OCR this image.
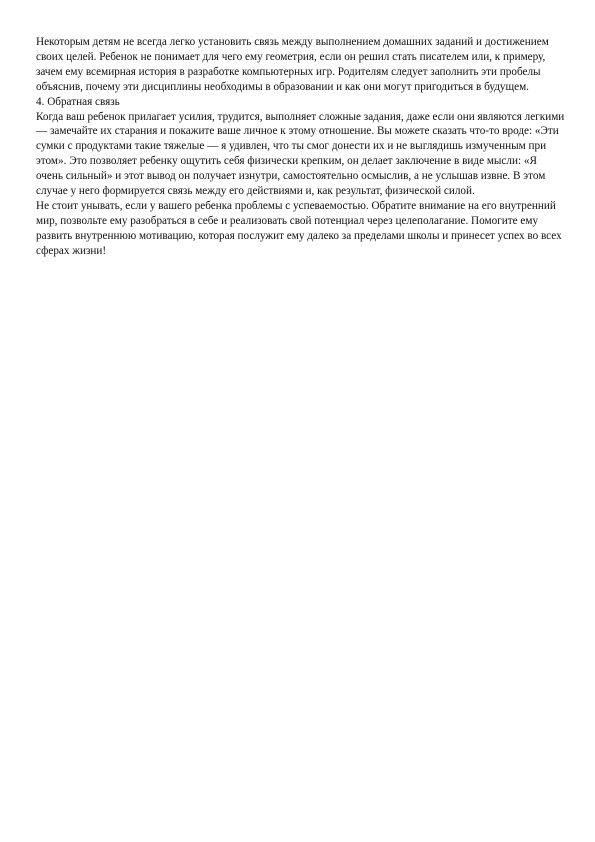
Некоторым детям не всегда легко установить связь между выполнением домашних заданий и достижением своих целей. Ребенок не понимает для чего ему геометрия, если он решил стать писателем или, к примеру, зачем ему всемирная история в разработке компьютерных игр. Родителям следует заполнить эти пробелы объяснив, почему эти дисциплины необходимы в образовании и как они могут пригодиться в будущем.

4. Обратная связь

Когда ваш ребенок прилагает усилия, трудится, выполняет сложные задания, даже если они являются легкими — замечайте их старания и покажите ваше личное к этому отношение. Вы можете сказать что-то вроде: «Эти сумки с продуктами такие тяжелые — я удивлен, что ты смог донести их и не выглядишь измученным при этом». Это позволяет ребенку ощутить себя физически крепким, он делает заключение в виде мысли: «Я очень сильный» и этот вывод он получает изнутри, самостоятельно осмыслив, а не услышав извне. В этом случае у него формируется связь между его действиями и, как результат, физической силой.

Не стоит унывать, если у вашего ребенка проблемы с успеваемостью. Обратите внимание на его внутренний мир, позвольте ему разобраться в себе и реализовать свой потенциал через целеполагание. Помогите ему развить внутреннюю мотивацию, которая послужит ему далеко за пределами школы и принесет успех во всех сферах жизни!
